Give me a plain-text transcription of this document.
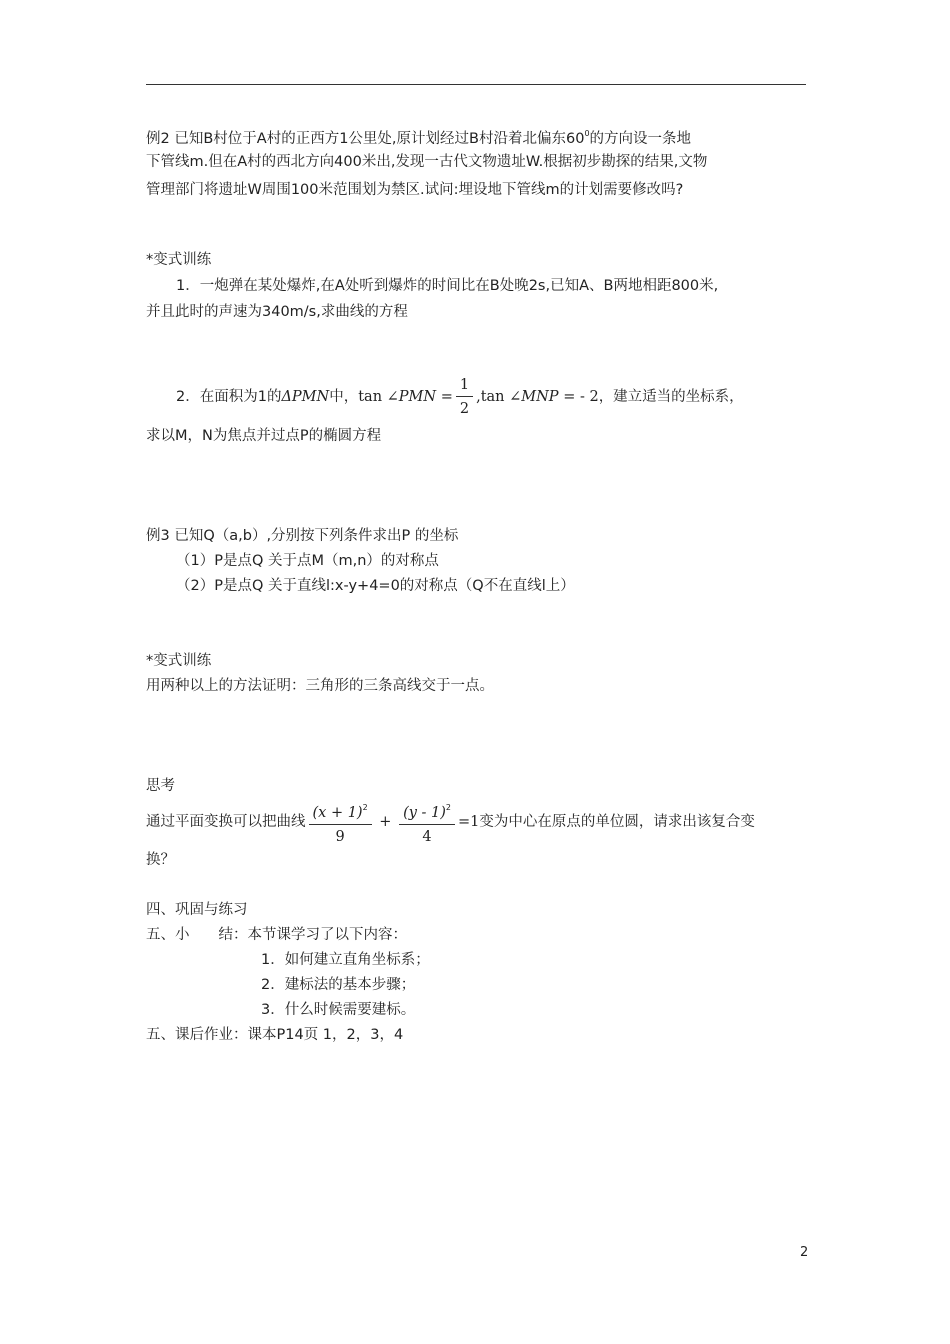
例2 已知B村位于A村的正西方1公里处,原计划经过B村沿着北偏东$60^0$的方向设一条地
下管线m.但在A村的西北方向400米出,发现一古代文物遗址W.根据初步勘探的结果,文物
管理部门将遗址W周围100米范围划为禁区.试问:埋设地下管线m的计划需要修改吗?
*变式训练
1．一炮弹在某处爆炸,在A处听到爆炸的时间比在B处晚2s,已知A、B两地相距800米,
并且此时的声速为340m/s,求曲线的方程
2．在面积为1的ΔPMN中，tan ∠PMN = $\frac{1}{2} ,\tan$ ∠MNP = - 2，建立适当的坐标系，
求以M，N为焦点并过点P的椭圆方程
例3 已知Q（a,b）,分别按下列条件求出P 的坐标
（1）P是点Q 关于点M（m,n）的对称点
（2）P是点Q 关于直线l:x-y+4=0的对称点（Q不在直线l上）
*变式训练
用两种以上的方法证明：三角形的三条高线交于一点。
思考
通过平面变换可以把曲线 $\frac{(x + 1)^2}{9} + \frac{(y - 1)^2}{4} =1$变为中心在原点的单位圆，请求出该复合变
换？
四、巩固与练习
五、小　　结：本节课学习了以下内容：
1．如何建立直角坐标系；
2．建标法的基本步骤；
3．什么时候需要建标。
五、课后作业：课本P14页 1，2，3，4
2
